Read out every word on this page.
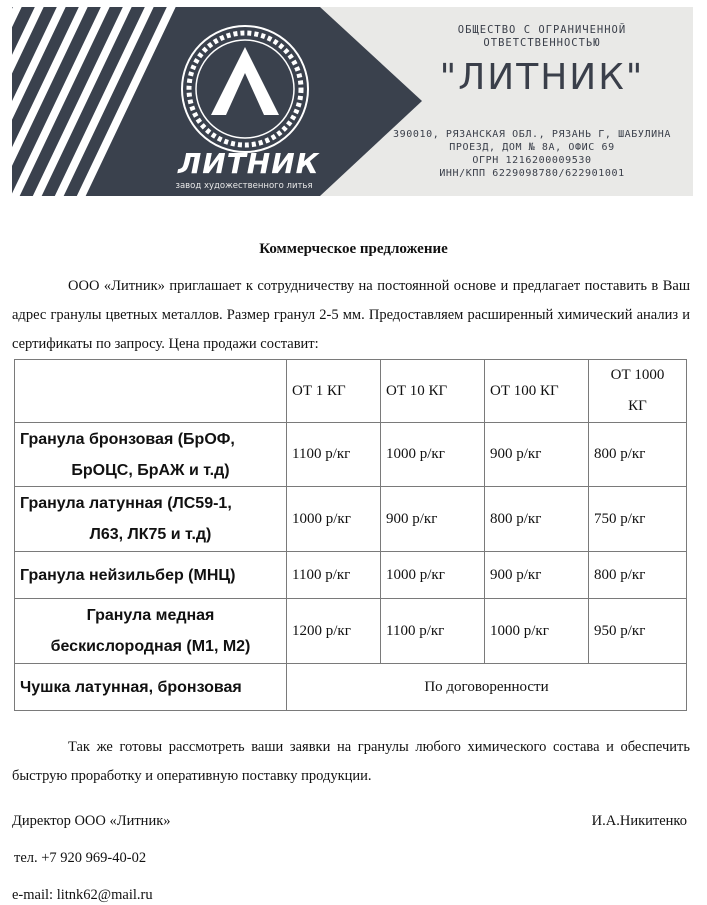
ЛИТНИК
завод художественного литья
ОБЩЕСТВО С ОГРАНИЧЕННОЙ
ОТВЕТСТВЕННОСТЬЮ
"ЛИТНИК"
390010, РЯЗАНСКАЯ ОБЛ., РЯЗАНЬ Г, ШАБУЛИНА
ПРОЕЗД, ДОМ № 8А, ОФИС 69
ОГРН 1216200009530
ИНН/КПП 6229098780/622901001
Коммерческое предложение

ООО «Литник» приглашает к сотрудничеству на постоянной основе и предлагает поставить в Ваш адрес гранулы цветных металлов. Размер гранул 2-5 мм. Предоставляем расширенный химический анализ и сертификаты по запросу. Цена продажи составит:

	ОТ 1 КГ	ОТ 10 КГ	ОТ 100 КГ	ОТ 1000
КГ

Гранула бронзовая (БрОФ,
БрОЦС, БрАЖ и т.д)	1100 р/кг	1000 р/кг	900 р/кг	800 р/кг

Гранула латунная (ЛС59-1,
Л63, ЛК75 и т.д)	1000 р/кг	900 р/кг	800 р/кг	750 р/кг
Гранула нейзильбер (МНЦ)	1100 р/кг	1000 р/кг	900 р/кг	800 р/кг

Гранула медная
бескислородная (М1, М2)	1200 р/кг	1100 р/кг	1000 р/кг	950 р/кг
Чушка латунная, бронзовая	По договоренности			

Так же готовы рассмотреть ваши заявки на гранулы любого химического состава и обеспечить быструю проработку и оперативную поставку продукции.

Директор ООО «Литник»	И.А.Никитенко
тел. +7 920 969-40-02
e-mail: litnk62@mail.ru
